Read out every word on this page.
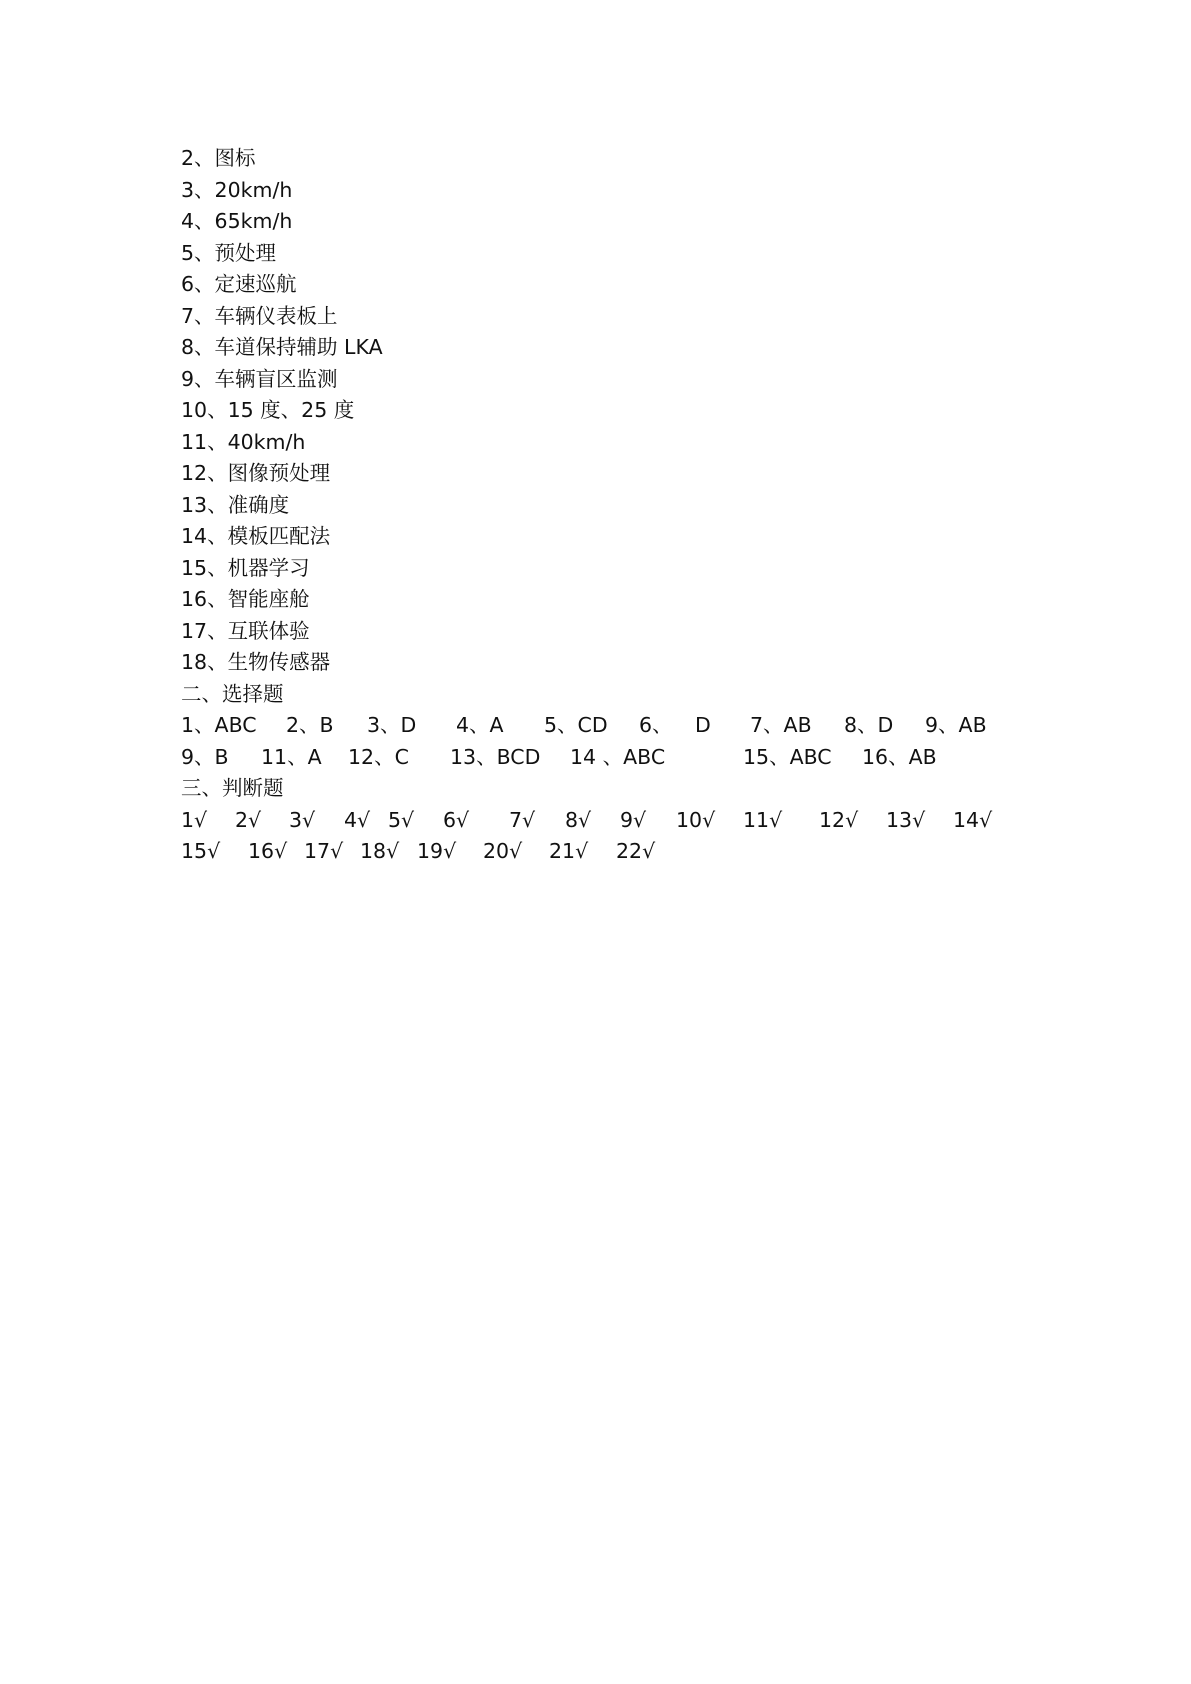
2、图标
3、20km/h
4、65km/h
5、预处理
6、定速巡航
7、车辆仪表板上
8、车道保持辅助 LKA
9、车辆盲区监测
10、15 度、25 度
11、40km/h
12、图像预处理
13、准确度
14、模板匹配法
15、机器学习
16、智能座舱
17、互联体验
18、生物传感器
二、选择题
1、ABC 2、B 3、D 4、A 5、CD 6、 D 7、AB 8、D 9、AB
9、B 11、A 12、C 13、BCD 14 、ABC	15、ABC 16、AB
三、判断题
1√ 2√ 3√ 4√ 5√ 6√ 7√ 8√ 9√ 10√ 11√ 12√ 13√ 14√
15√ 16√ 17√ 18√ 19√ 20√ 21√ 22√
